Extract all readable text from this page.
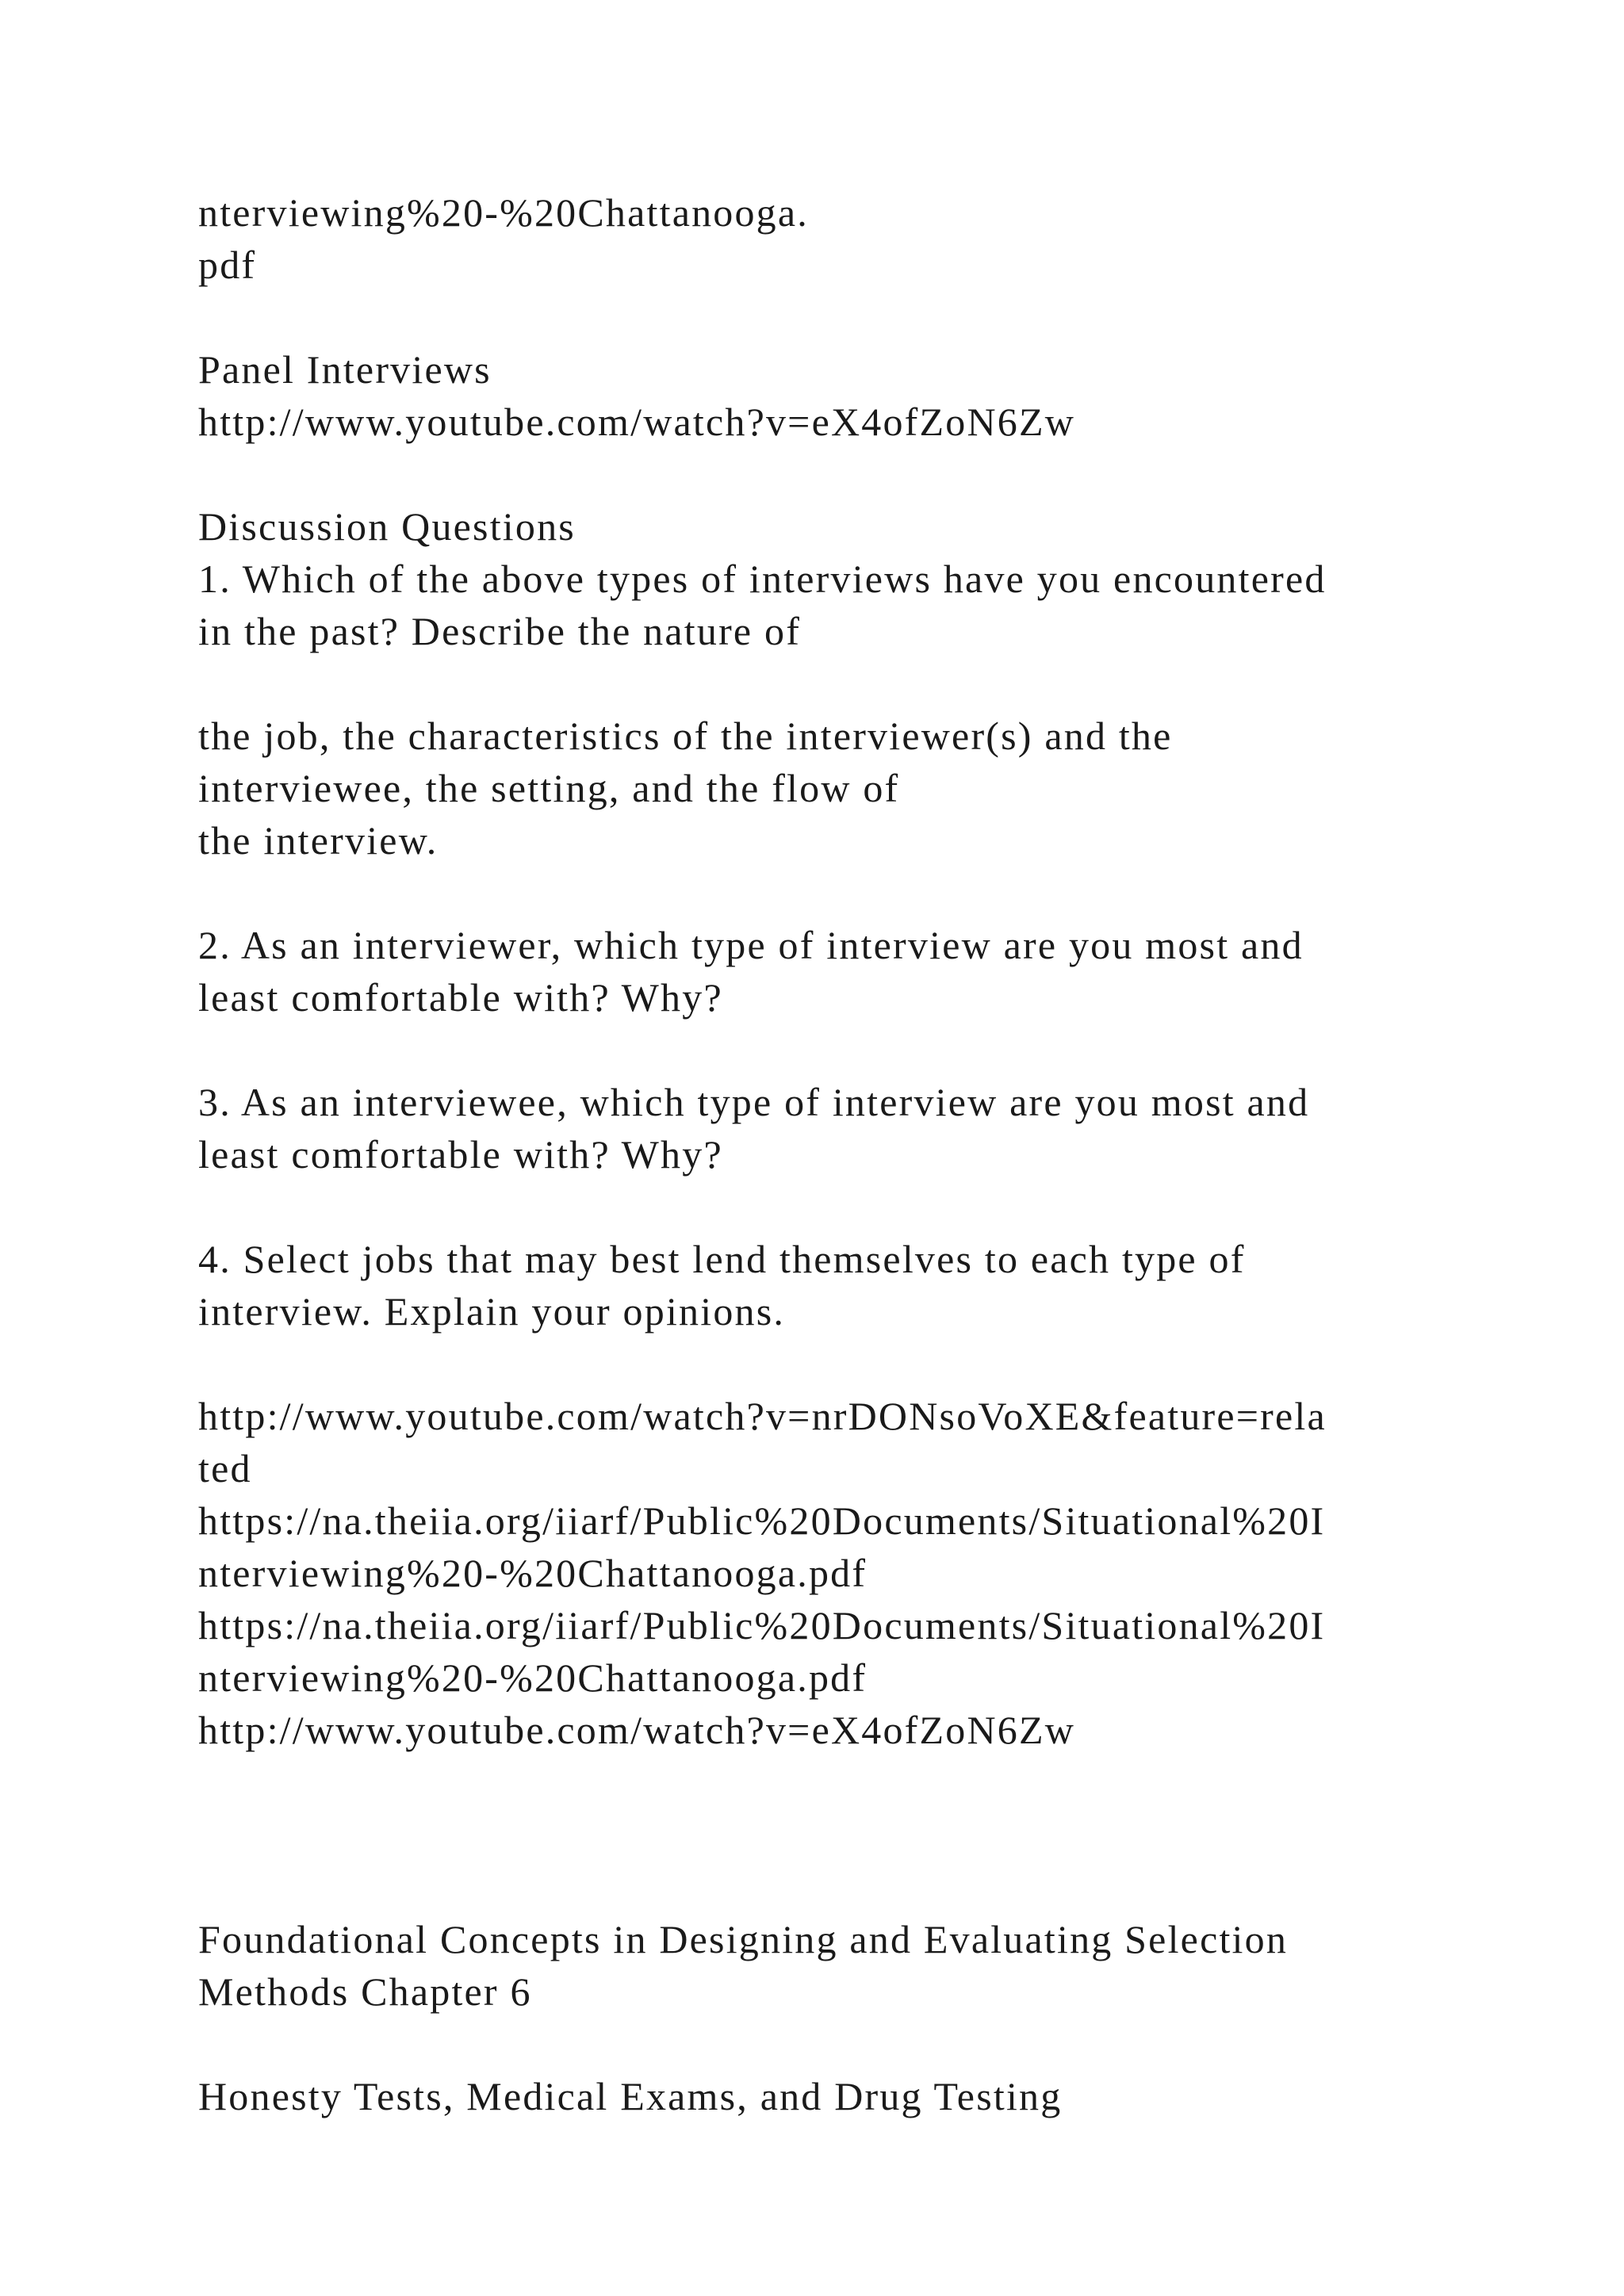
nterviewing%20-%20Chattanooga.
pdf
Panel Interviews
http://www.youtube.com/watch?v=eX4ofZoN6Zw
Discussion Questions
1. Which of the above types of interviews have you encountered
in the past? Describe the nature of
the job, the characteristics of the interviewer(s) and the
interviewee, the setting, and the flow of
the interview.
2. As an interviewer, which type of interview are you most and
least comfortable with? Why?
3. As an interviewee, which type of interview are you most and
least comfortable with? Why?
4. Select jobs that may best lend themselves to each type of
interview. Explain your opinions.
http://www.youtube.com/watch?v=nrDONsoVoXE&feature=rela
ted
https://na.theiia.org/iiarf/Public%20Documents/Situational%20I
nterviewing%20-%20Chattanooga.pdf
https://na.theiia.org/iiarf/Public%20Documents/Situational%20I
nterviewing%20-%20Chattanooga.pdf
http://www.youtube.com/watch?v=eX4ofZoN6Zw
Foundational Concepts in Designing and Evaluating Selection
Methods Chapter 6
Honesty Tests, Medical Exams, and Drug Testing
